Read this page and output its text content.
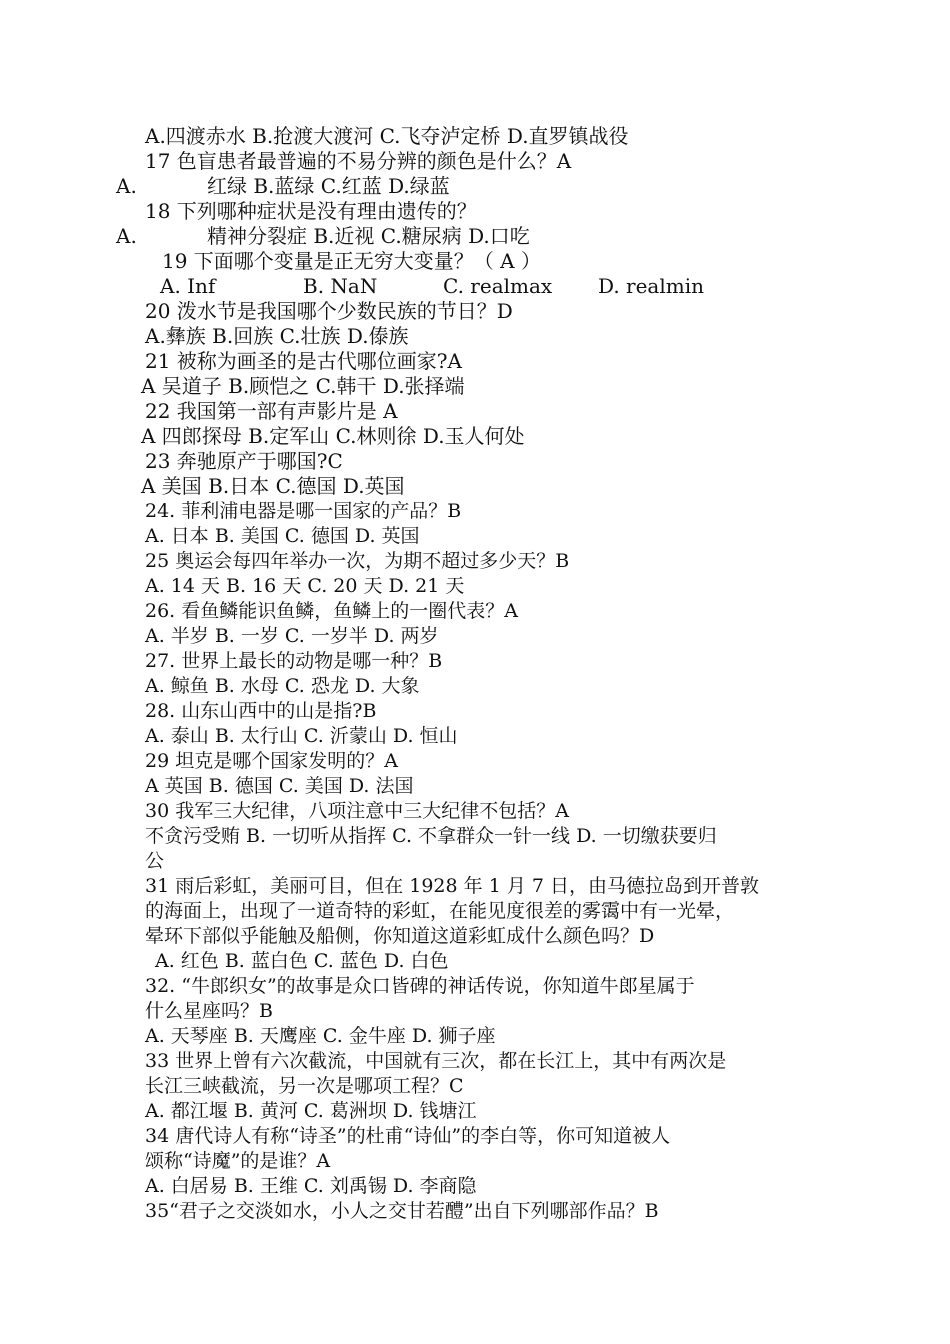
A.四渡赤水 B.抢渡大渡河 C.飞夺泸定桥 D.直罗镇战役
17 色盲患者最普遍的不易分辨的颜色是什么？A
A.	红绿 B.蓝绿 C.红蓝 D.绿蓝
18 下列哪种症状是没有理由遗传的？
A.	精神分裂症 B.近视 C.糖尿病 D.口吃
19 下面哪个变量是正无穷大变量？（ A ）
A. Inf	B. NaN	C. realmax D. realmin
20 泼水节是我国哪个少数民族的节日？D
A.彝族 B.回族 C.壮族 D.傣族
21 被称为画圣的是古代哪位画家?A
A 吴道子 B.顾恺之 C.韩干 D.张择端
22 我国第一部有声影片是 A
A 四郎探母 B.定军山 C.林则徐 D.玉人何处
23 奔驰原产于哪国?C
A 美国 B.日本 C.德国 D.英国
24. 菲利浦电器是哪一国家的产品？B
A. 日本 B. 美国 C. 德国 D. 英国
25 奥运会每四年举办一次，为期不超过多少天？B
A. 14 天 B. 16 天 C. 20 天 D. 21 天
26. 看鱼鳞能识鱼鳞，鱼鳞上的一圈代表？A
A. 半岁 B. 一岁 C. 一岁半 D. 两岁
27. 世界上最长的动物是哪一种？B
A. 鲸鱼 B. 水母 C. 恐龙 D. 大象
28. 山东山西中的山是指?B
A. 泰山 B. 太行山 C. 沂蒙山 D. 恒山
29 坦克是哪个国家发明的？A
A 英国 B. 德国 C. 美国 D. 法国
30 我军三大纪律，八项注意中三大纪律不包括？A
不贪污受贿 B. 一切听从指挥 C. 不拿群众一针一线 D. 一切缴获要归
公
31 雨后彩虹，美丽可目，但在 1928 年 1 月 7 日，由马德拉岛到开普敦
的海面上，出现了一道奇特的彩虹，在能见度很差的雾霭中有一光晕，
晕环下部似乎能触及船侧，你知道这道彩虹成什么颜色吗？D
A. 红色 B. 蓝白色 C. 蓝色 D. 白色
32. “牛郎织女”的故事是众口皆碑的神话传说，你知道牛郎星属于
什么星座吗？B
A. 天琴座 B. 天鹰座 C. 金牛座 D. 狮子座
33 世界上曾有六次截流，中国就有三次，都在长江上，其中有两次是
长江三峡截流，另一次是哪项工程？C
A. 都江堰 B. 黄河 C. 葛洲坝 D. 钱塘江
34 唐代诗人有称“诗圣”的杜甫“诗仙”的李白等，你可知道被人
颂称“诗魔”的是谁？A
A. 白居易 B. 王维 C. 刘禹锡 D. 李商隐
35“君子之交淡如水，小人之交甘若醴”出自下列哪部作品？B
